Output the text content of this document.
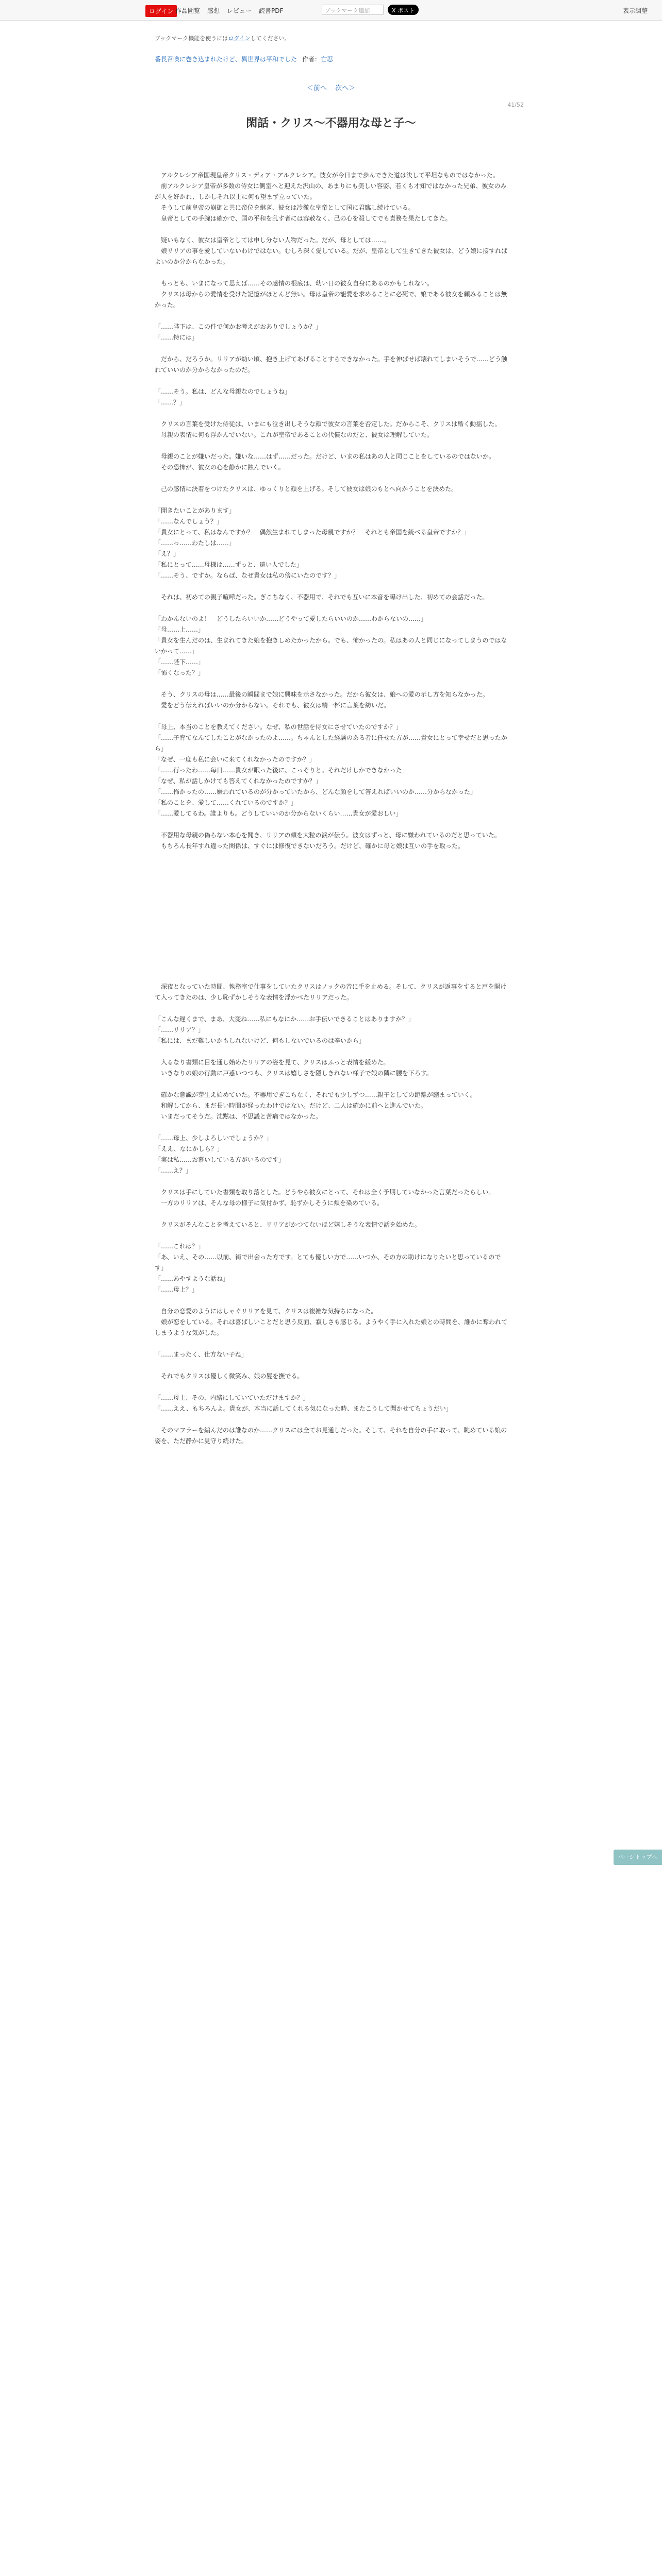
ログイン 作品閲覧 感想 レビュー 読書PDF	ブックマーク追加	X ポスト	表示調整
ブックマーク機能を使うにはログインしてください。
番長召喚に巻き込まれたけど、異世界は平和でした 作者： 亡忍
＜前へ 次へ＞
41/52
閑話・クリス〜不器用な母と子〜

　アルクレシア帝国現皇帝クリス・ディア・アルクレシア。彼女が今日まで歩んできた道は決して平坦なものではなかった。

　前アルクレシア皇帝が多数の侍女に側室へと迎えた沢山の、あまりにも美しい容姿、若くも才知ではなかった兄弟、彼女のみが人を好かれ、しかしそれ以上に何も望まず立っていた。

　そうして前皇帝の崩御と共に帝位を継ぎ、彼女は冷徹な皇帝として国に君臨し続けている。

　皇帝としての手腕は確かで、国の平和を乱す者には容赦なく、己の心を殺してでも責務を果たしてきた。

　疑いもなく、彼女は皇帝としては申し分ない人物だった。だが、母としては……。

　娘リリアの事を愛していないわけではない。むしろ深く愛している。だが、皇帝として生きてきた彼女は、どう娘に接すればよいのか分からなかった。

　もっとも、いまになって思えば……その感情の根底は、幼い日の彼女自身にあるのかもしれない。

　クリスは母からの愛情を受けた記憶がほとんど無い。母は皇帝の寵愛を求めることに必死で、娘である彼女を顧みることは無かった。

「……陛下は、この件で何かお考えがおありでしょうか？」

「……特には」

　だから、だろうか。リリアが幼い頃、抱き上げてあげることすらできなかった。手を伸ばせば壊れてしまいそうで……どう触れていいのか分からなかったのだ。

「……そう。私は、どんな母親なのでしょうね」

「……？」

　クリスの言葉を受けた侍従は、いまにも泣き出しそうな顔で彼女の言葉を否定した。だからこそ、クリスは酷く動揺した。

　母親の表情に何も浮かんでいない。これが皇帝であることの代償なのだと、彼女は理解していた。

　母親のことが嫌いだった。嫌いな……はず……だった。だけど、いまの私はあの人と同じことをしているのではないか。

　その恐怖が、彼女の心を静かに蝕んでいく。

　己の感情に決着をつけたクリスは、ゆっくりと顔を上げる。そして彼女は娘のもとへ向かうことを決めた。

「聞きたいことがあります」

「……なんでしょう？」

「貴女にとって、私はなんですか？　偶然生まれてしまった母親ですか？　それとも帝国を統べる皇帝ですか？」

「……っ……わたしは……」

「え？」

「私にとって……母様は……ずっと、遠い人でした」

「……そう、ですか。ならば、なぜ貴女は私の傍にいたのです？」

　それは、初めての親子喧嘩だった。ぎこちなく、不器用で、それでも互いに本音を曝け出した、初めての会話だった。

「わかんないのよ！　どうしたらいいか……どうやって愛したらいいのか……わからないの……」

「母……上……」

「貴女を生んだのは、生まれてきた娘を抱きしめたかったから。でも、怖かったの。私はあの人と同じになってしまうのではないかって……」

「……陛下……」

「怖くなった？」

　そう、クリスの母は……最後の瞬間まで娘に興味を示さなかった。だから彼女は、娘への愛の示し方を知らなかった。

　愛をどう伝えればいいのか分からない。それでも、彼女は精一杯に言葉を紡いだ。

「母上、本当のことを教えてください。なぜ、私の世話を侍女にさせていたのですか？」

「……子育てなんてしたことがなかったのよ……。ちゃんとした経験のある者に任せた方が……貴女にとって幸せだと思ったから」

「なぜ、一度も私に会いに来てくれなかったのですか？」

「……行ったわ……毎日……貴女が眠った後に、こっそりと。それだけしかできなかった」

「なぜ、私が話しかけても答えてくれなかったのですか？」

「……怖かったの……嫌われているのが分かっていたから、どんな顔をして答えればいいのか……分からなかった」

「私のことを、愛して……くれているのですか？」

「……愛してるわ。誰よりも。どうしていいのか分からないくらい……貴女が愛おしい」

　不器用な母親の偽らない本心を聞き、リリアの頬を大粒の涙が伝う。彼女はずっと、母に嫌われているのだと思っていた。

　もちろん長年すれ違った関係は、すぐには修復できないだろう。だけど、確かに母と娘は互いの手を取った。

　深夜となっていた時間、執務室で仕事をしていたクリスはノックの音に手を止める。そして、クリスが返事をすると戸を開けて入ってきたのは、少し恥ずかしそうな表情を浮かべたリリアだった。

「こんな遅くまで、まあ、大変ね……私にもなにか……お手伝いできることはありますか？」

「……リリア？」

「私には、まだ難しいかもしれないけど、何もしないでいるのは辛いから」

　入るなり書類に目を通し始めたリリアの姿を見て、クリスはふっと表情を緩めた。

　いきなりの娘の行動に戸惑いつつも、クリスは嬉しさを隠しきれない様子で娘の隣に腰を下ろす。

　確かな意識が芽生え始めていた。不器用でぎこちなく、それでも少しずつ……親子としての距離が縮まっていく。

　和解してから、まだ長い時間が経ったわけではない。だけど、二人は確かに前へと進んでいた。

　いまだってそうだ。沈黙は、不思議と苦痛ではなかった。

「……母上、少しよろしいでしょうか？」

「ええ、なにかしら？」

「実は私……お慕いしている方がいるのです」

「……え？」

　クリスは手にしていた書類を取り落とした。どうやら彼女にとって、それは全く予期していなかった言葉だったらしい。

　一方のリリアは、そんな母の様子に気付かず、恥ずかしそうに頬を染めている。

　クリスがそんなことを考えていると、リリアがかつてないほど嬉しそうな表情で話を始めた。

「……これは？」

「あ、いえ、その……以前、街で出会った方です。とても優しい方で……いつか、その方の助けになりたいと思っているのです」

「……あやすような話ね」

「……母上？」

　自分の恋愛のようにはしゃぐリリアを見て、クリスは複雑な気持ちになった。

　娘が恋をしている。それは喜ばしいことだと思う反面、寂しさも感じる。ようやく手に入れた娘との時間を、誰かに奪われてしまうような気がした。

「……まったく、仕方ない子ね」

　それでもクリスは優しく微笑み、娘の髪を撫でる。

「……母上、その、内緒にしていていただけますか？」

「……ええ、もちろんよ。貴女が、本当に話してくれる気になった時、またこうして聞かせてちょうだい」

　そのマフラーを編んだのは誰なのか……クリスには全てお見通しだった。そして、それを自分の手に取って、眺めている娘の姿を、ただ静かに見守り続けた。

ページトップへ
